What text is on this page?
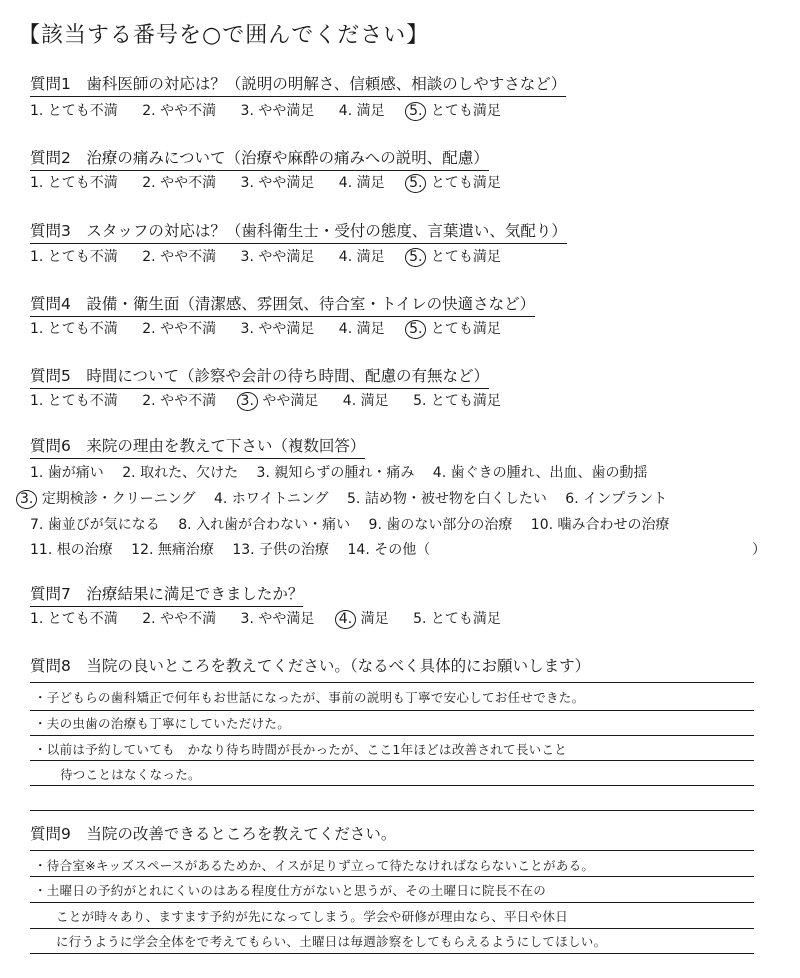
【該当する番号を○で囲んでください】
質問1　歯科医師の対応は？（説明の明解さ、信頼感、相談のしやすさなど）
1. とても不満 2. やや不満 3. やや満足 4. 満足 5. とても満足
質問2　治療の痛みについて（治療や麻酔の痛みへの説明、配慮）
1. とても不満 2. やや不満 3. やや満足 4. 満足 5. とても満足
質問3　スタッフの対応は？（歯科衛生士・受付の態度、言葉遣い、気配り）
1. とても不満 2. やや不満 3. やや満足 4. 満足 5. とても満足
質問4　設備・衛生面（清潔感、雰囲気、待合室・トイレの快適さなど）
1. とても不満 2. やや不満 3. やや満足 4. 満足 5. とても満足
質問5　時間について（診察や会計の待ち時間、配慮の有無など）
1. とても不満 2. やや不満 3. やや満足 4. 満足 5. とても満足
質問6　来院の理由を教えて下さい（複数回答）
1. 歯が痛い 2. 取れた、欠けた 3. 親知らずの腫れ・痛み 4. 歯ぐきの腫れ、出血、歯の動揺
3. 定期検診・クリーニング 4. ホワイトニング 5. 詰め物・被せ物を白くしたい 6. インプラント
7. 歯並びが気になる 8. 入れ歯が合わない・痛い 9. 歯のない部分の治療 10. 噛み合わせの治療
11. 根の治療 12. 無痛治療 13. 子供の治療 14. その他（	）
質問7　治療結果に満足できましたか？
1. とても不満 2. やや不満 3. やや満足 4. 満足 5. とても満足
質問8　当院の良いところを教えてください。（なるべく具体的にお願いします）
・子どもらの歯科矯正で何年もお世話になったが、事前の説明も丁寧で安心してお任せできた。
・夫の虫歯の治療も丁寧にしていただけた。
・以前は予約していても　かなり待ち時間が長かったが、ここ1年ほどは改善されて長いこと
待つことはなくなった。
質問9　当院の改善できるところを教えてください。
・待合室※キッズスペースがあるためか、イスが足りず立って待たなければならないことがある。
・土曜日の予約がとれにくいのはある程度仕方がないと思うが、その土曜日に院長不在の
ことが時々あり、ますます予約が先になってしまう。学会や研修が理由なら、平日や休日
に行うように学会全体をで考えてもらい、土曜日は毎週診察をしてもらえるようにしてほしい。
